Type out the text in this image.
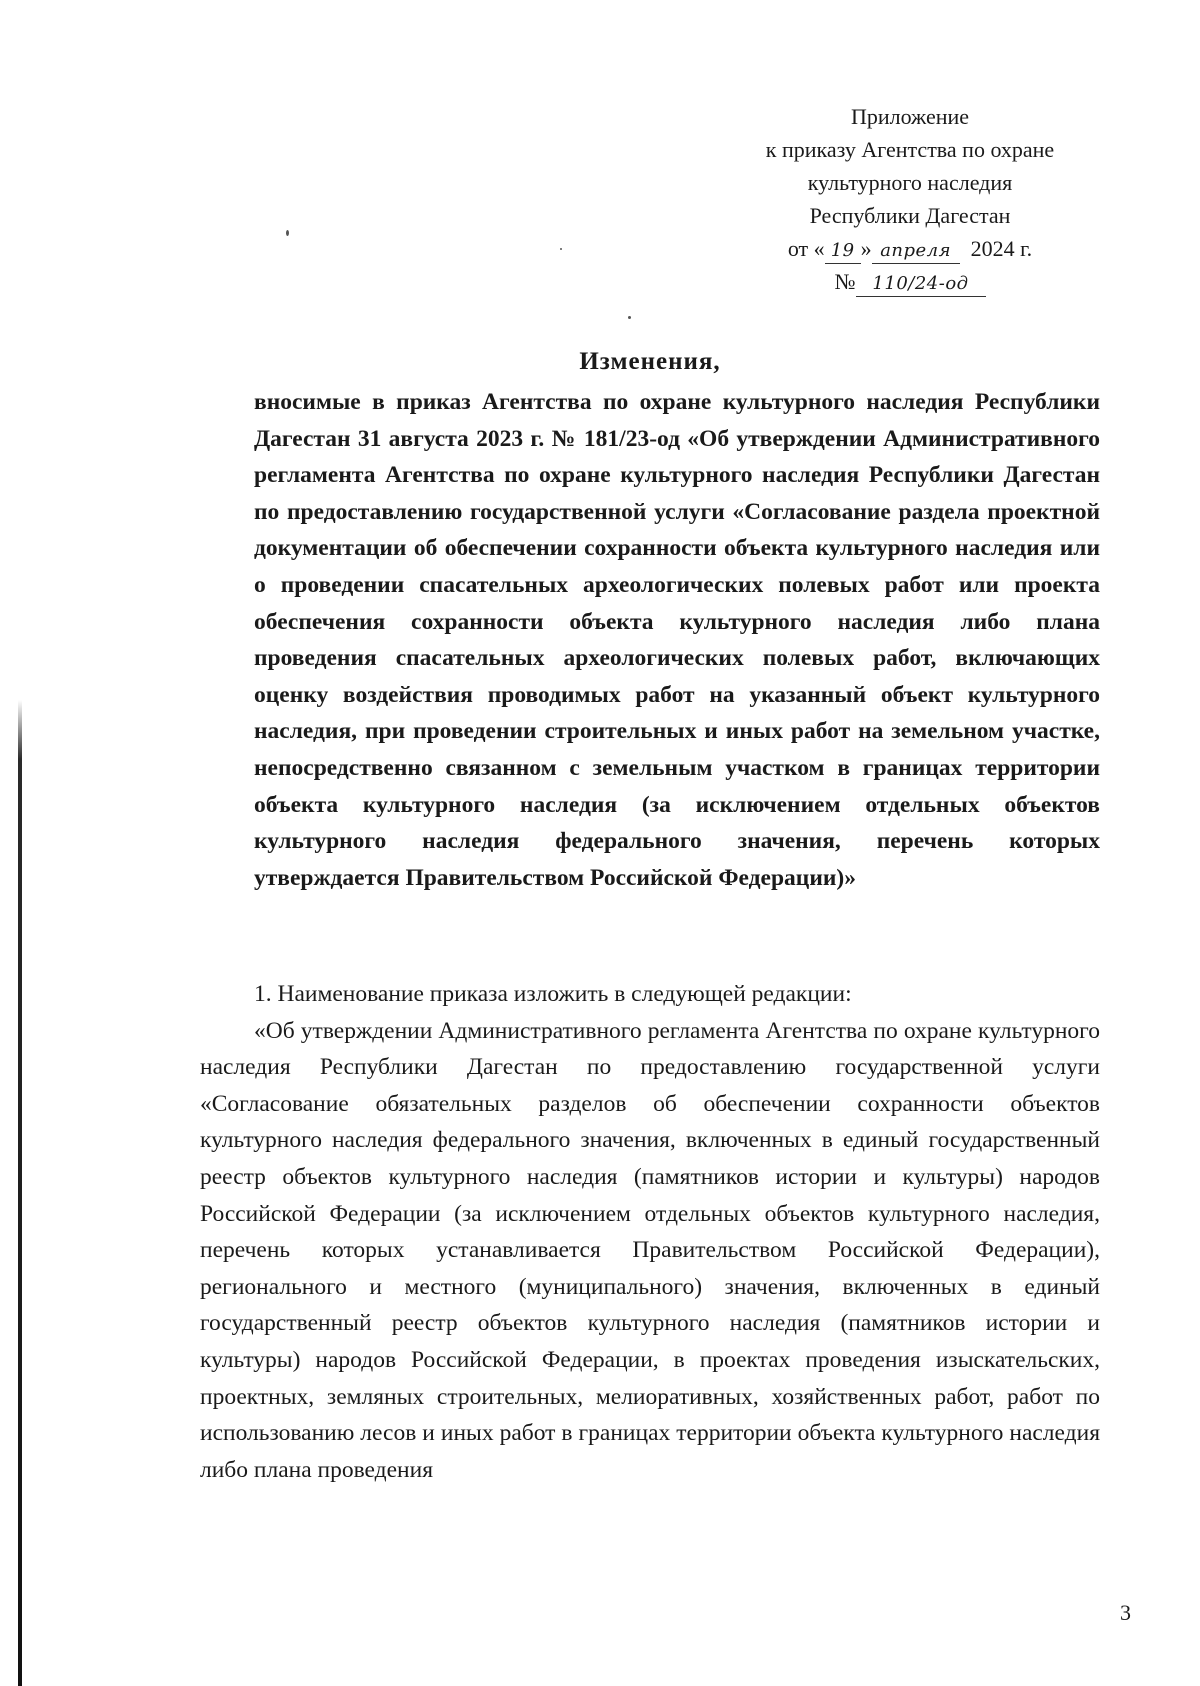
Приложение
к приказу Агентства по охране
культурного наследия
Республики Дагестан
от « 19 » апреля 2024 г.
№ 110/24-од
Изменения,
вносимые в приказ Агентства по охране культурного наследия Республики Дагестан 31 августа 2023 г. № 181/23-од «Об утверждении Административного регламента Агентства по охране культурного наследия Республики Дагестан по предоставлению государственной услуги «Согласование раздела проектной документации об обеспечении сохранности объекта культурного наследия или о проведении спасательных археологических полевых работ или проекта обеспечения сохранности объекта культурного наследия либо плана проведения спасательных археологических полевых работ, включающих оценку воздействия проводимых работ на указанный объект культурного наследия, при проведении строительных и иных работ на земельном участке, непосредственно связанном с земельным участком в границах территории объекта культурного наследия (за исключением отдельных объектов культурного наследия федерального значения, перечень которых утверждается Правительством Российской Федерации)»

1. Наименование приказа изложить в следующей редакции:

«Об утверждении Административного регламента Агентства по охране культурного наследия Республики Дагестан по предоставлению государственной услуги «Согласование обязательных разделов об обеспечении сохранности объектов культурного наследия федерального значения, включенных в единый государственный реестр объектов культурного наследия (памятников истории и культуры) народов Российской Федерации (за исключением отдельных объектов культурного наследия, перечень которых устанавливается Правительством Российской Федерации), регионального и местного (муниципального) значения, включенных в единый государственный реестр объектов культурного наследия (памятников истории и культуры) народов Российской Федерации, в проектах проведения изыскательских, проектных, земляных строительных, мелиоративных, хозяйственных работ, работ по использованию лесов и иных работ в границах территории объекта культурного наследия либо плана проведения

3
